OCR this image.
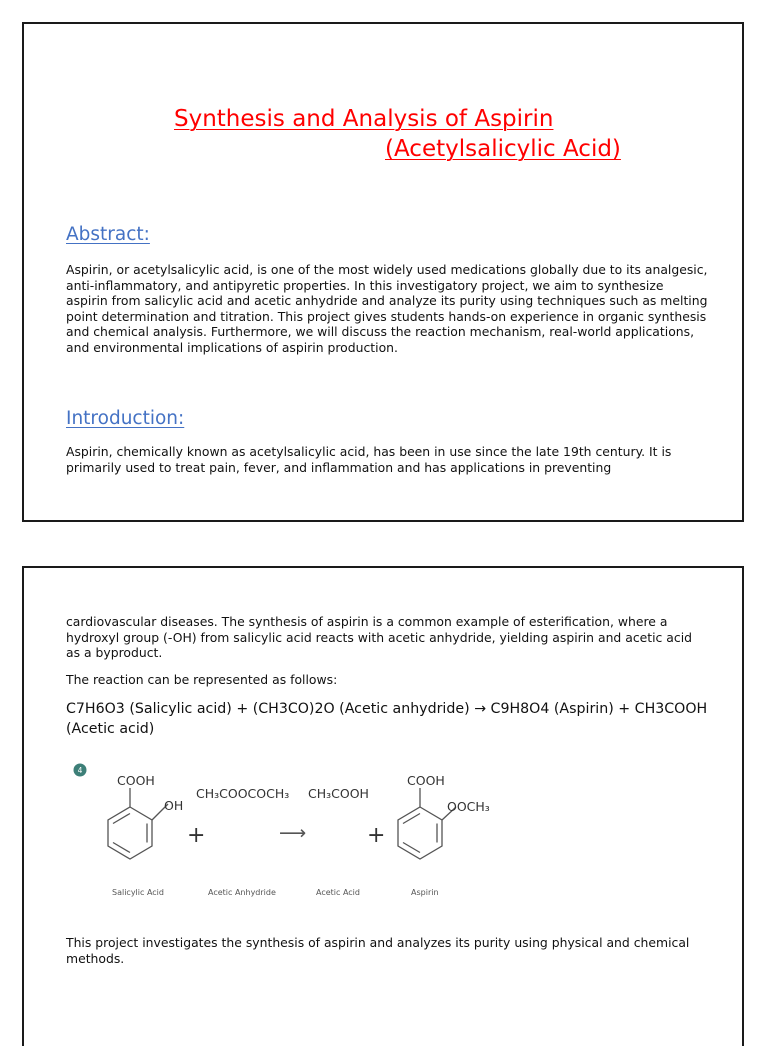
Synthesis and Analysis of Aspirin
(Acetylsalicylic Acid)
Abstract:

Aspirin, or acetylsalicylic acid, is one of the most widely used medications globally due to its analgesic, anti-inflammatory, and antipyretic properties. In this investigatory project, we aim to synthesize aspirin from salicylic acid and acetic anhydride and analyze its purity using techniques such as melting point determination and titration. This project gives students hands-on experience in organic synthesis and chemical analysis. Furthermore, we will discuss the reaction mechanism, real-world applications, and environmental implications of aspirin production.

Introduction:

Aspirin, chemically known as acetylsalicylic acid, has been in use since the late 19th century. It is primarily used to treat pain, fever, and inflammation and has applications in preventing

cardiovascular diseases. The synthesis of aspirin is a common example of esterification, where a hydroxyl group (-OH) from salicylic acid reacts with acetic anhydride, yielding aspirin and acetic acid as a byproduct.

The reaction can be represented as follows:

C7H6O3 (Salicylic acid) + (CH3CO)2O (Acetic anhydride) → C9H8O4 (Aspirin) + CH3COOH (Acetic acid)

4
COOH
OH
+
CH₃COOCOCH₃
⟶
CH₃COOH
+
COOH
OOCH₃
Salicylic Acid	Acetic Anhydride	Acetic Acid	Aspirin

This project investigates the synthesis of aspirin and analyzes its purity using physical and chemical methods.
